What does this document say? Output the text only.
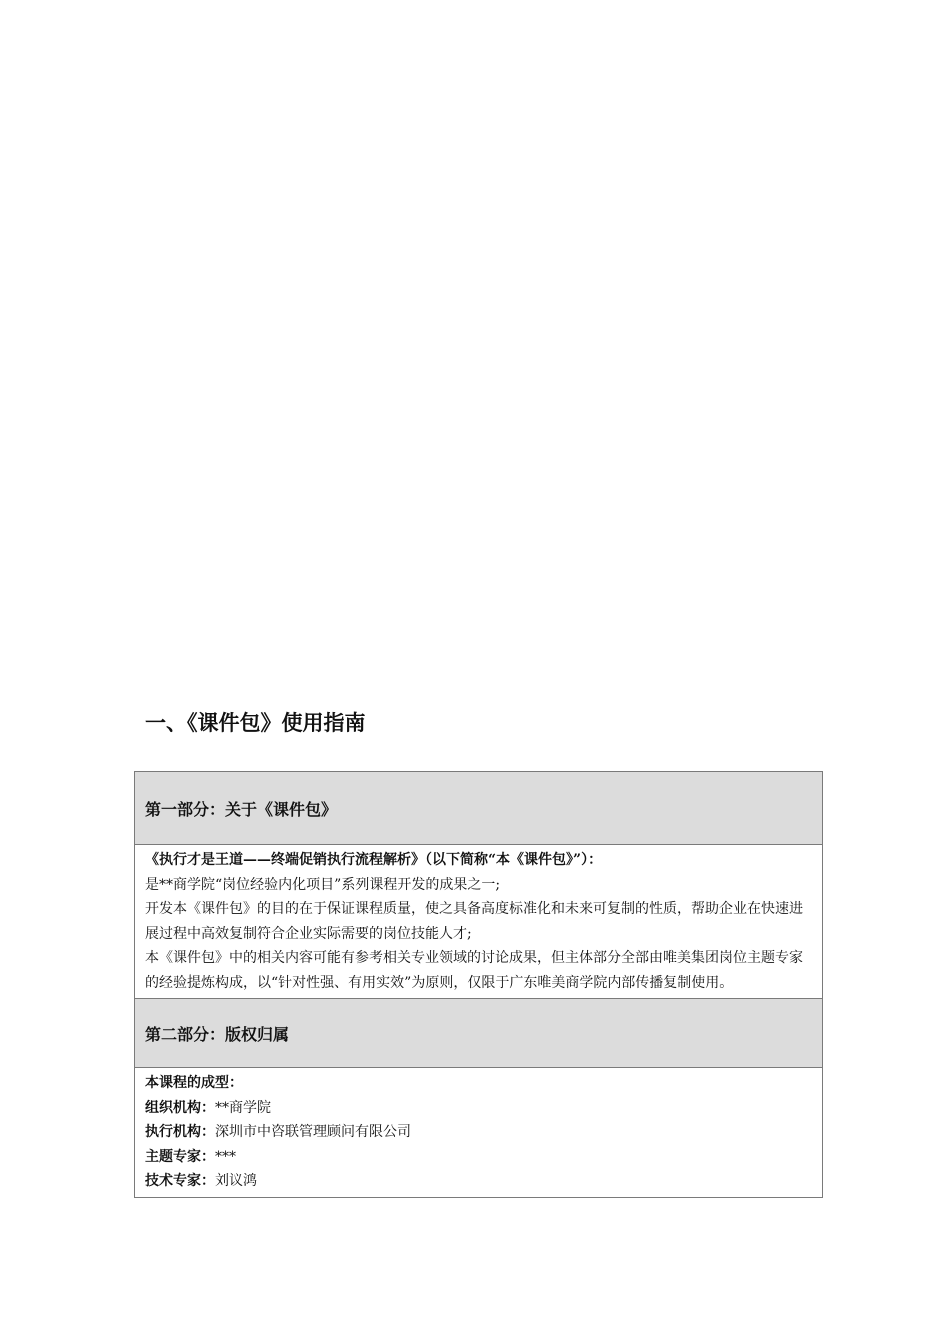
一、《课件包》使用指南
第一部分：关于《课件包》

《执行才是王道——终端促销执行流程解析》（以下简称“本《课件包》”）：

是**商学院“岗位经验内化项目”系列课程开发的成果之一;

开发本《课件包》的目的在于保证课程质量，使之具备高度标准化和未来可复制的性质，帮助企业在快速进展过程中高效复制符合企业实际需要的岗位技能人才;

本《课件包》中的相关内容可能有参考相关专业领域的讨论成果，但主体部分全部由唯美集团岗位主题专家的经验提炼构成，以“针对性强、有用实效”为原则，仅限于广东唯美商学院内部传播复制使用。

第二部分：版权归属

本课程的成型：

组织机构：**商学院

执行机构：深圳市中咨联管理顾问有限公司

主题专家：***

技术专家：刘议鸿
